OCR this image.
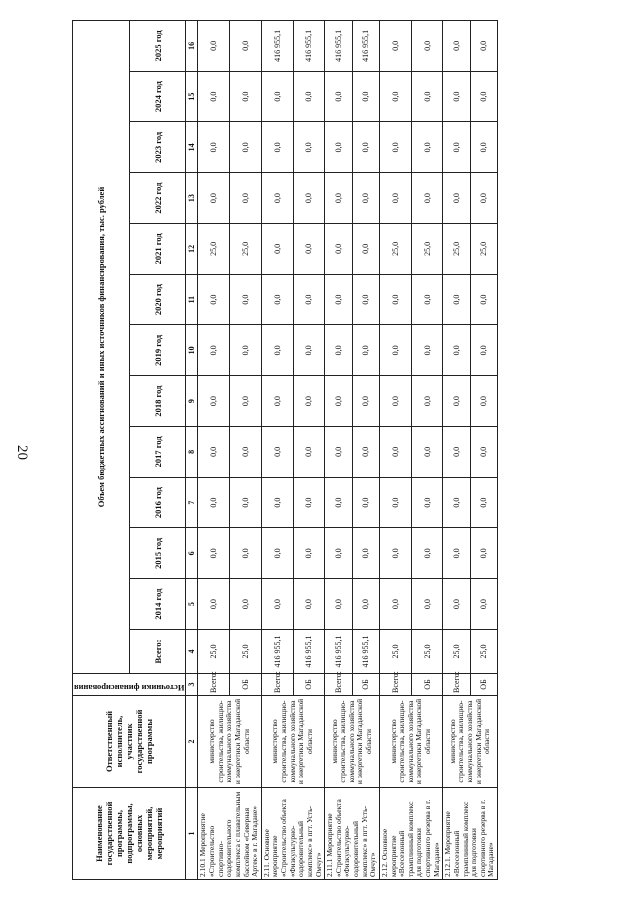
20
Наименование государственной программы, подпрограммы, основных мероприятий, мероприятий	Ответственный исполнитель, участник государственной программы	Источники финансирования	Объем бюджетных ассигнований и иных источников финансирования, тыс. рублей												
			Всего:	2014 год	2015 год	2016 год	2017 год	2018 год	2019 год	2020 год	2021 год	2022 год	2023 год	2024 год	2025 год
1	2	3	4	5	6	7	8	9	10	11	12	13	14	15	16
2.10.1 Мероприятие «Строительство спортивно-оздоровительного комплекса с плавательным бассейном «Северная Артек» в г. Магадане»	министерство строительства, жилищно-коммунального хозяйства и энергетики Магаданской области	Всего:	25,0	0,0	0,0	0,0	0,0	0,0	0,0	0,0	25,0	0,0	0,0	0,0	0,0
		ОБ	25,0	0,0	0,0	0,0	0,0	0,0	0,0	0,0	25,0	0,0	0,0	0,0	0,0
2.11. Основное мероприятие «Строительство объекта «Физкультурно-оздоровительный комплекс» в пгт. Усть-Омчуг»	министерство строительства, жилищно-коммунального хозяйства и энергетики Магаданской области	Всего:	416 955,1	0,0	0,0	0,0	0,0	0,0	0,0	0,0	0,0	0,0	0,0	0,0	416 955,1
		ОБ	416 955,1	0,0	0,0	0,0	0,0	0,0	0,0	0,0	0,0	0,0	0,0	0,0	416 955,1
2.11.1 Мероприятие «Строительство объекта «Физкультурно-оздоровительный комплекс» в пгт. Усть-Омчуг»	министерство строительства, жилищно-коммунального хозяйства и энергетики Магаданской области	Всего:	416 955,1	0,0	0,0	0,0	0,0	0,0	0,0	0,0	0,0	0,0	0,0	0,0	416 955,1
		ОБ	416 955,1	0,0	0,0	0,0	0,0	0,0	0,0	0,0	0,0	0,0	0,0	0,0	416 955,1
2.12. Основное мероприятие «Всесезонный трамплинный комплекс для подготовки спортивного резерва в г. Магадане»	министерство строительства, жилищно-коммунального хозяйства и энергетики Магаданской области	Всего:	25,0	0,0	0,0	0,0	0,0	0,0	0,0	0,0	25,0	0,0	0,0	0,0	0,0
		ОБ	25,0	0,0	0,0	0,0	0,0	0,0	0,0	0,0	25,0	0,0	0,0	0,0	0,0
2.12.1. Мероприятие «Всесезонный трамплинный комплекс для подготовки спортивного резерва в г. Магадане»	министерство строительства, жилищно-коммунального хозяйства и энергетики Магаданской области	Всего:	25,0	0,0	0,0	0,0	0,0	0,0	0,0	0,0	25,0	0,0	0,0	0,0	0,0
		ОБ	25,0	0,0	0,0	0,0	0,0	0,0	0,0	0,0	25,0	0,0	0,0	0,0	0,0
